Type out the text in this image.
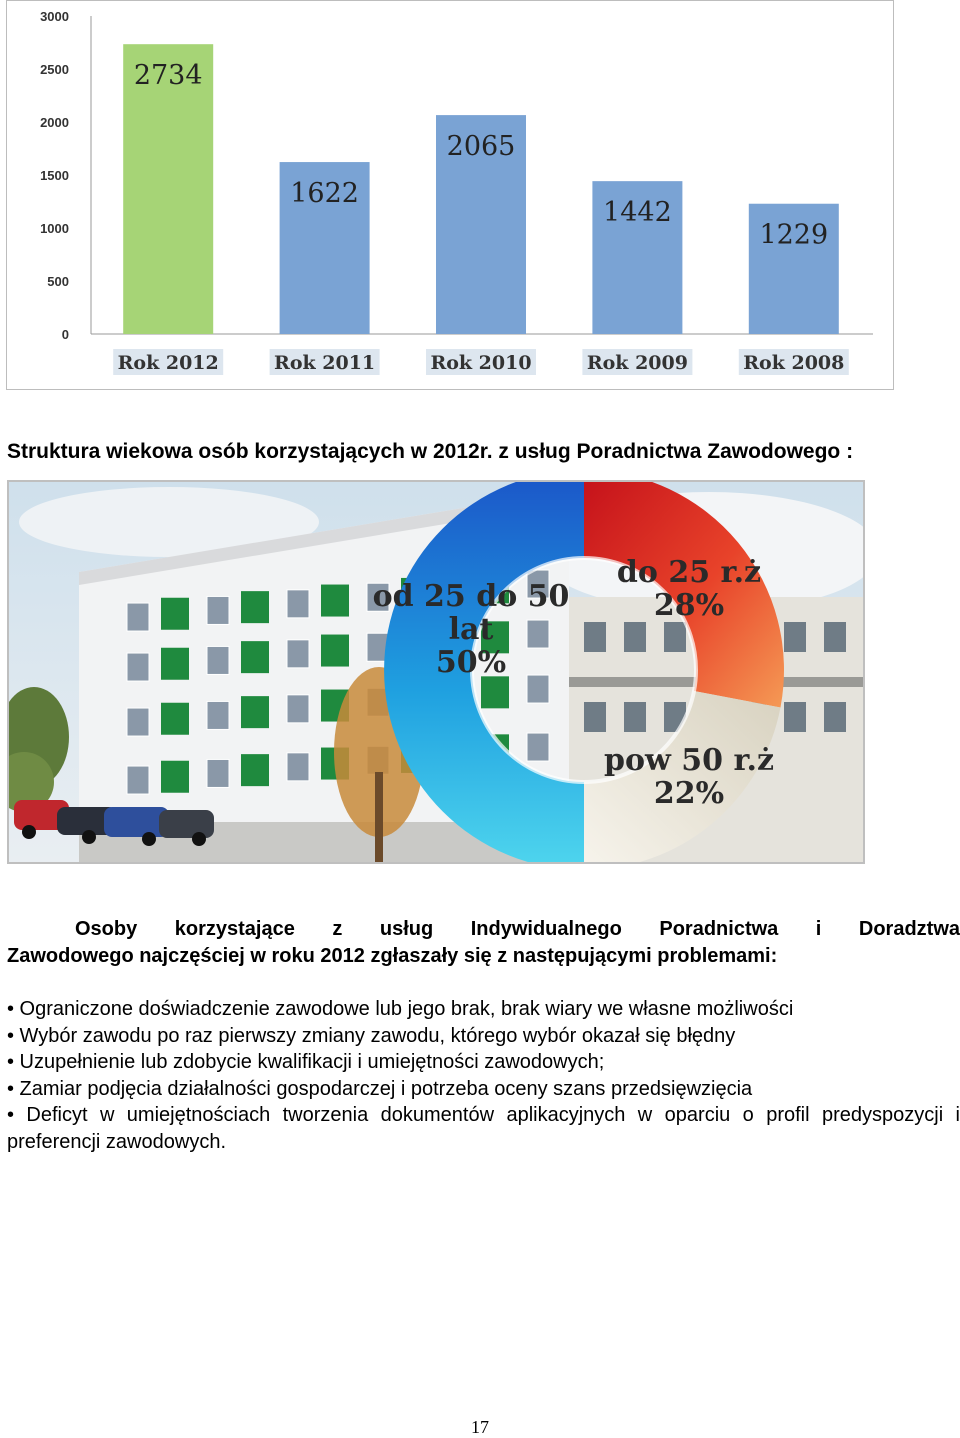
3000
2500
2000
1500
1000
500
0
2734
Rok 2012
1622
Rok 2011
2065
Rok 2010
1442
Rok 2009
1229
Rok 2008
Struktura wiekowa osób korzystających w 2012r. z usług Poradnictwa Zawodowego :
do 25 r.ż 28%
pow 50 r.ż 22%
od 25 do 50 lat 50%
Osoby korzystające z usług Indywidualnego Poradnictwa i Doradztwa
Zawodowego najczęściej w roku 2012 zgłaszały się z następującymi problemami:
• Ograniczone doświadczenie zawodowe lub jego brak, brak wiary we własne możliwości
• Wybór zawodu po raz pierwszy zmiany zawodu, którego wybór okazał się błędny
• Uzupełnienie lub zdobycie kwalifikacji i umiejętności zawodowych;
• Zamiar podjęcia działalności gospodarczej i potrzeba oceny szans przedsięwzięcia
• Deficyt w umiejętnościach tworzenia dokumentów aplikacyjnych w oparciu o profil predyspozycji i preferencji zawodowych.
17
